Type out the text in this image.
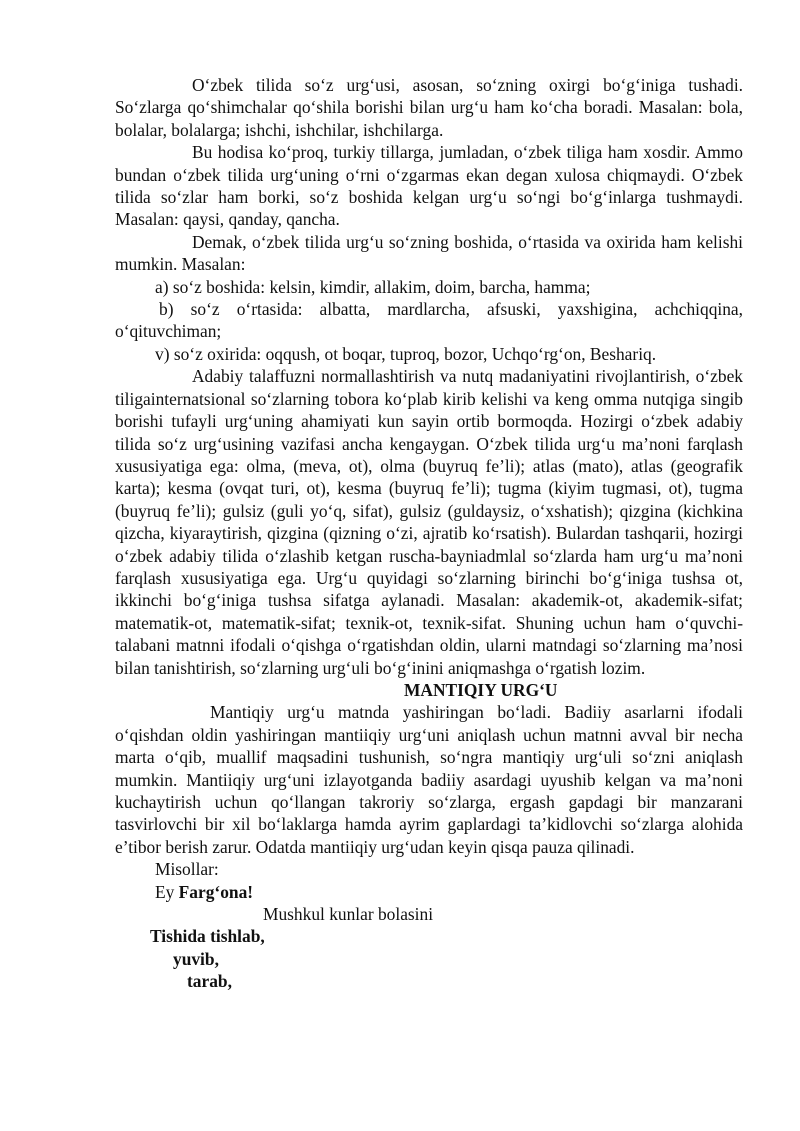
O‘zbek tilida so‘z urg‘usi, asosan, so‘zning oxirgi bo‘g‘iniga tushadi. So‘zlarga qo‘shimchalar qo‘shila borishi bilan urg‘u ham ko‘cha boradi. Masalan: bola, bolalar, bolalarga; ishchi, ishchilar, ishchilarga.

Bu hodisa ko‘proq, turkiy tillarga, jumladan, o‘zbek tiliga ham xosdir. Ammo bundan o‘zbek tilida urg‘uning o‘rni o‘zgarmas ekan degan xulosa chiqmaydi. O‘zbek tilida so‘zlar ham borki, so‘z boshida kelgan urg‘u so‘ngi bo‘g‘inlarga tushmaydi. Masalan: qaysi, qanday, qancha.

Demak, o‘zbek tilida urg‘u so‘zning boshida, o‘rtasida va oxirida ham kelishi mumkin. Masalan:

a) so‘z boshida: kelsin, kimdir, allakim, doim, barcha, hamma;

b) so‘z o‘rtasida: albatta, mardlarcha, afsuski, yaxshigina, achchiqqina, o‘qituvchiman;

v) so‘z oxirida: oqqush, ot boqar, tuproq, bozor, Uchqo‘rg‘on, Beshariq.

Adabiy talaffuzni normallashtirish va nutq madaniyatini rivojlantirish, o‘zbek tiligainternatsional so‘zlarning tobora ko‘plab kirib kelishi va keng omma nutqiga singib borishi tufayli urg‘uning ahamiyati kun sayin ortib bormoqda. Hozirgi o‘zbek adabiy tilida so‘z urg‘usining vazifasi ancha kengaygan. O‘zbek tilida urg‘u ma’noni farqlash xususiyatiga ega: olma, (meva, ot), olma (buyruq fe’li); atlas (mato), atlas (geografik karta); kesma (ovqat turi, ot), kesma (buyruq fe’li); tugma (kiyim tugmasi, ot), tugma (buyruq fe’li); gulsiz (guli yo‘q, sifat), gulsiz (guldaysiz, o‘xshatish); qizgina (kichkina qizcha, kiyaraytirish, qizgina (qizning o‘zi, ajratib ko‘rsatish). Bulardan tashqarii, hozirgi o‘zbek adabiy tilida o‘zlashib ketgan ruscha-bayniadmlal so‘zlarda ham urg‘u ma’noni farqlash xususiyatiga ega. Urg‘u quyidagi so‘zlarning birinchi bo‘g‘iniga tushsa ot, ikkinchi bo‘g‘iniga tushsa sifatga aylanadi. Masalan: akademik-ot, akademik-sifat; matematik-ot, matematik-sifat; texnik-ot, texnik-sifat. Shuning uchun ham o‘quvchi-talabani matnni ifodali o‘qishga o‘rgatishdan oldin, ularni matndagi so‘zlarning ma’nosi bilan tanishtirish, so‘zlarning urg‘uli bo‘g‘inini aniqmashga o‘rgatish lozim.

MANTIQIY URG‘U

Mantiqiy urg‘u matnda yashiringan bo‘ladi. Badiiy asarlarni ifodali o‘qishdan oldin yashiringan mantiiqiy urg‘uni aniqlash uchun matnni avval bir necha marta o‘qib, muallif maqsadini tushunish, so‘ngra mantiqiy urg‘uli so‘zni aniqlash mumkin. Mantiiqiy urg‘uni izlayotganda badiiy asardagi uyushib kelgan va ma’noni kuchaytirish uchun qo‘llangan takroriy so‘zlarga, ergash gapdagi bir manzarani tasvirlovchi bir xil bo‘laklarga hamda ayrim gaplardagi ta’kidlovchi so‘zlarga alohida e’tibor berish zarur. Odatda mantiiqiy urg‘udan keyin qisqa pauza qilinadi.

Misollar:

Ey Farg‘ona!

Mushkul kunlar bolasini

Tishida tishlab,

yuvib,

tarab,
